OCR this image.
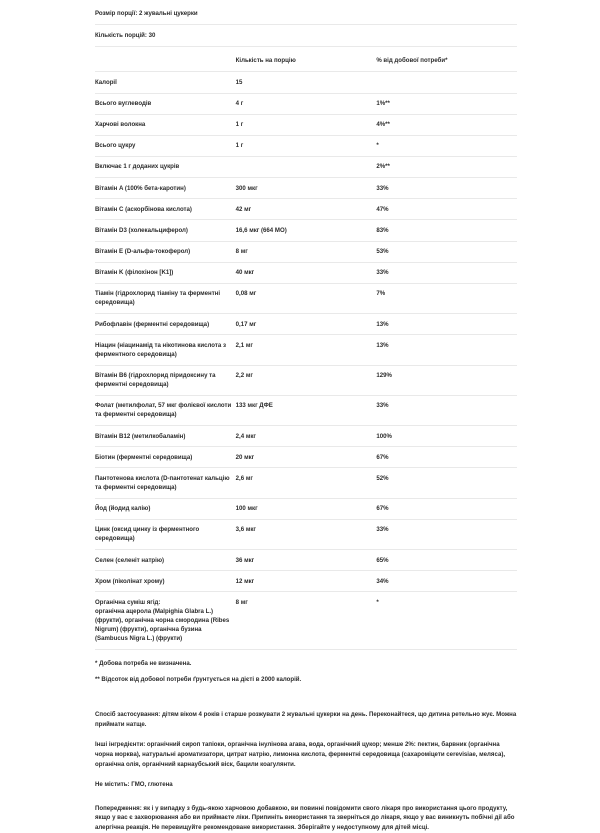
Розмір порції: 2 жувальні цукерки		
Кількість порцій: 30		
	Кількість на порцію	% від добової потреби*
Калорії	15	
Всього вуглеводів	4 г	1%**
Харчові волокна	1 г	4%**
Всього цукру	1 г	*
Включає 1 г доданих цукрів		2%**
Вітамін A (100% бета-каротин)	300 мкг	33%
Вітамін C (аскорбінова кислота)	42 мг	47%
Вітамін D3 (холекальциферол)	16,6 мкг (664 МО)	83%
Вітамін E (D-альфа-токоферол)	8 мг	53%
Вітамін K (філохінон [K1])	40 мкг	33%
Тіамін (гідрохлорид тіаміну та ферментні середовища)	0,08 мг	7%
Рибофлавін (ферментні середовища)	0,17 мг	13%
Ніацин (ніацинамід та нікотинова кислота з ферментного середовища)	2,1 мг	13%
Вітамін B6 (гідрохлорид піридоксину та ферментні середовища)	2,2 мг	129%
Фолат (метилфолат, 57 мкг фолієвої кислоти та ферментні середовища)	133 мкг ДФЕ	33%
Вітамін B12 (метилкобаламін)	2,4 мкг	100%
Біотин (ферментні середовища)	20 мкг	67%
Пантотенова кислота (D-пантотенат кальцію та ферментні середовища)	2,6 мг	52%
Йод (йодид калію)	100 мкг	67%
Цинк (оксид цинку із ферментного середовища)	3,6 мкг	33%
Селен (селеніт натрію)	36 мкг	65%
Хром (піколінат хрому)	12 мкг	34%

Органічна суміш ягід:
органічна ацерола (Malpighia Glabra L.) (фрукти), органічна чорна смородина (Ribes Nigrum) (фрукти), органічна бузина (Sambucus Nigra L.) (фрукти)	8 мг	*
* Добова потреба не визначена.		
** Відсоток від добової потреби ґрунтується на дієті в 2000 калорій.		

Спосіб застосування: дітям віком 4 років і старше розжувати 2 жувальні цукерки на день. Переконайтеся, що дитина ретельно жує. Можна приймати натще.

Інші інгредієнти: органічний сироп тапіоки, органічна інулінова агава, вода, органічний цукор; менше 2%: пектин, барвник (органічна чорна морква), натуральні ароматизатори, цитрат натрію, лимонна кислота, ферментні середовища (сахароміцети cerevisiae, меляса), органічна олія, органічний карнаубський віск, бацили коагулянти.

Не містить: ГМО, глютена

Попередження: як і у випадку з будь-якою харчовою добавкою, ви повинні повідомити свого лікаря про використання цього продукту, якщо у вас є захворювання або ви приймаєте ліки. Припиніть використання та зверніться до лікаря, якщо у вас виникнуть побічні дії або алергічна реакція. Не перевищуйте рекомендоване використання. Зберігайте у недоступному для дітей місці.
